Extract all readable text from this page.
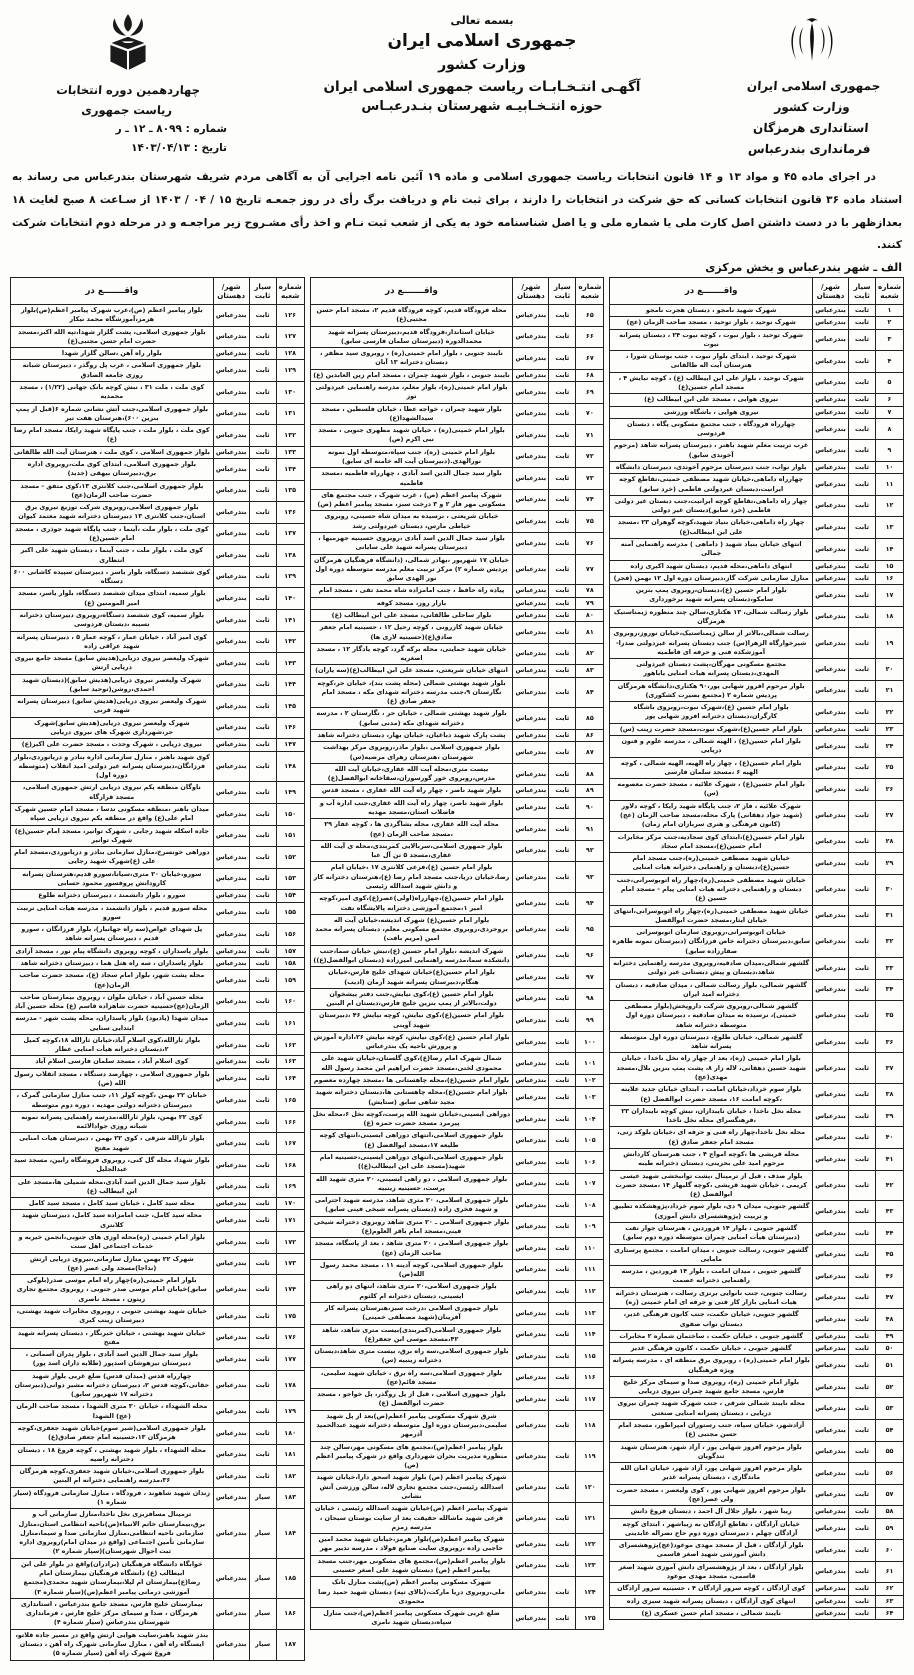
جمهوری اسلامی ایران
وزارت کشور
استانداری هرمزگان
فرمانداری بندرعباس
بسمه تعالی
جمهوری اسلامی ایران
وزارت کشور
آگهـی انتـخـابـات ریاست جمهوری اسلامی ایران
حوزه انتـخـابیـه شهرستان بنـدرعبـاس
چهاردهمین دوره انتخابات
ریاست جمهوری
شماره : ۸۰۹۹ ـ ۱۲ ـ ر
تاریخ : ۱۴۰۳/۰۴/۱۳

در اجرای ماده ۴۵ و مواد ۱۳ و ۱۴ قانون انتخابات ریاست جمهوری اسلامی و ماده ۱۹ آئین نامه اجرایی آن به آگاهی مردم شریف شهرستان بندرعباس می رساند به استناد ماده ۳۶ قانون انتخابات کسانی که حق شرکت در انتخابات را دارند ، برای ثبت نام و دریافت برگ رأی در روز جمعـه تاریخ ۱۵ / ۰۴ / ۱۴۰۳ از سـاعت ۸ صبح لغایت ۱۸ بعدازظهر با در دست داشتن اصل کارت ملی یا شماره ملی و یا اصل شناسنامه خود به یکی از شعب ثبت نـام و اخذ رأی مشـروح زیر مراجعـه و در مرحله دوم انتخابات شرکت کنند.

الف ـ شهر بندرعباس و بخش مرکزی
شماره شعبه	سیار ثابت	شهر/ دهستان	واقـــــــع در
۱	ثابت	بندرعباس	شهرک شهید نامجو ، دبستان هجرت نامجو
۲	ثابت	بندرعباس	شهرک توحید ، بلوار توحید ، مسجد صاحب الزمان (عج)
۳	ثابت	بندرعباس	شهرک توحید ، بلوار نبوت ، کوچه نبوت ۲۴ ، دبستان پسرانه نبوت
۴	ثابت	بندرعباس	شهرک توحید ، ابتدای بلوار نبوت ، جنب بوستان شورا ، هنرستان آیت اله طالقانی
۵	ثابت	بندرعباس	شهرک توحید ، بلوار علی ابن ابیطالب (ع) ، کوچه نیایش ۴ ، مسجد امام حسین(ع)
۶	ثابت	بندرعباس	نیروی هوایی ، مسجد علی ابن ابیطالب (ع)
۷	ثابت	بندرعباس	نیروی هوایی ، باشگاه ورزشی
۸	ثابت	بندرعباس	چهارراه فرودگاه ، جنب مجتمع مسکونی پگاه ، دبستان فردوسی
۹	ثابت	بندرعباس	غرب تربیت معلم شهید باهنر ، دبیرستان پسرانه شاهد (مرحوم آخوندی سابق)
۱۰	ثابت	بندرعباس	بلوار نواب، جنب دبیرستان مرحوم آخوندی، دبیرستان دانشگاه
۱۱	ثابت	بندرعباس	چهارراه داماهی،خیابان شهید مصطفی خمینی،تقاطع کوچه ایرانیت،دبستان غیردولتی فاطمی (خرد سابق)
۱۲	ثابت	بندرعباس	چهار راه داماهی،تقاطع کوچه ایرانیت،جنب دبستان غیر دولتی فاطمی (خرد سابق)دبستان غیر دولتی
۱۳	ثابت	بندرعباس	چهار راه داماهی،خیابان بنیاد شهید،کوچه گوهران ۲۳ ،مسجد علی ابن ابیطالب(ع)
۱۴	ثابت	بندرعباس	انتهای خیابان بنیاد شهید ( داماهی ) مدرسه راهنمایی آمنه جمالی
۱۵	ثابت	بندرعباس	انتهای داماهی،محله قدیم، دبستان شهید اکبری زاده
۱۶	ثابت	بندرعباس	منازل سازمانی شرکت گاز،دبیرستان دوره اول ۱۲ بهمن (فجر)
۱۷	ثابت	بندرعباس	بلوار امام حسین (ع)،دبستان،روبروی پمپ بنزین سامکو،دبستان پسرانه شهید برخورداری
۱۸	ثابت	بندرعباس	بلوار رسالت شمالی، ۱۳ هکتاری،سالن چند منظوره ژیمناستیک هرمزگان
۱۹	ثابت	بندرعباس	رسالت شمالی،بالاتر از سالن ژیمناستیک،خیابان نوروز،روبروی شیرخوارگاه الزهرا(س) جنب دبستان پسرانه غیردولتی صدرا- آموزشکده فنی و حرفه ای فاطمیه
۲۰	ثابت	بندرعباس	مجتمع مسکونی مهرگان،پشت دبستان غیردولتی المهدی،دبستان پسرانه هیات امنایی یاباهور
۲۱	ثابت	بندرعباس	بلوار مرحوم افروز شهابی پور،۹۰ هکتاری،دانشگاه هرمزگان پردیس شماره ۲ (مجتمع بصیرت کشکوری)
۲۲	ثابت	بندرعباس	بلوار امام حسین (ع)،شهرک نبوت،روبروی باشگاه کارگران،دبستان دخترانه افروز شهابی پور
۲۳	ثابت	بندرعباس	بلوار امام حسین(ع)،شهرک نبوت،مسجد حضرت زینب (س)
۲۴	ثابت	بندرعباس	بلوار امام حسین(ع) ، الهیه شمالی ، مدرسه علوم و فنون دریایی
۲۵	ثابت	بندرعباس	بلوار امام حسین(ع) ، چهار راه الهیه، الهیه شمالی ، کوچه الهیه ۶ ،مسجد سلمان فارسی
۲۶	ثابت	بندرعباس	بلوار امام حسین(ع) ، شهرک علائیه ، مسجد حضرت معصومه (س)
۲۷	ثابت	بندرعباس	شهرک علائیه ، فاز ۲، جنب پایگاه شهید رایکا ، کوچه دلاور (شهید جواد دهقانی) پارک محله،مسجد صاحب الزمان (عج)(کانون فرهنگی و هنری سربازان امام زمان)
۲۸	ثابت	بندرعباس	بلوار امام حسین(ع)،ابتدای کوی سجادیه،جنب مرکز مخابرات امام حسین(ع)،مسجد امام سجاد
۲۹	ثابت	بندرعباس	خیابان شهید مصطفی خمینی(ره)،جنب مسجد امام حسین(ع)،دبستان و راهنمایی دخترانه هیات امنایی
۳۰	ثابت	بندرعباس	خیابان شهید مصطفی خمینی(ره)،چهار راه اتوبوسرانی،جنب دبستان و راهنمایی دخترانه هیات امنایی پیام - مسجد امام حسین (ع)
۳۱	ثابت	بندرعباس	خیابان شهید مصطفی خمینی(ره)،چهار راه اتوبوسرانی،انتهای خیابان ایثار،مسجد حضرت ابوالفضل
۳۲	ثابت	بندرعباس	خیابان اتوبوسرانی،روبروی سازمان اتوبوسرانی سابق،دبیرستان دخترانه خاص فرزانگان (دبیرستان نمونه طاهره صفارزاده سابق)
۳۳	ثابت	بندرعباس	گلشهر شمالی،میدان صادقیه،روبروی مدرسه راهنمایی دخترانه شاهد،دبستان و پیش دبستانی غیر دولتی
۳۴	ثابت	بندرعباس	گلشهر شمالی، بلوار رسالت شمالی ، میدان صادقیه ، دبستان دخترانه امید ایران
۳۵	ثابت	بندرعباس	گلشهر شمالی،روبروی شرکت داروپخش(بلوار مصطفی خمینی)، نرسیده به میدان صادقیه ، دبیرستان دوره اول متوسطه دخترانه شاهد
۳۶	ثابت	بندرعباس	گلشهر شمالی، خیابان طلوع، دبیرستان دوره اول متوسطه پسرانه شاهد
۳۷	ثابت	بندرعباس	بلوار امام خمینی (ره)، بعد از چهار راه نخل ناخدا ، خیابان شهید حسین دهقانی، لاله زار ۸، پشت پمپ بنزین بلال،مسجد مهدی(عج)
۳۸	ثابت	بندرعباس	بلوار سوم خرداد،خیابان امامت ، ابتدای خیابان جدید علاینه ،کوچه امامت ۱۶، مسجد حضرت ابوالفضل (ع)
۳۹	ثابت	بندرعباس	محله نخل ناخدا ، خیابان نایبداران، نبش کوچه نایبداران ۲۳ ،فرهنگسرای محله نخل ناخدا
۴۰	ثابت	بندرعباس	محله نخل ناخدا،چهار راه فنی و حرفه ای ،خیابان بلوکد زنی، مسجد امام جعفر صادق (ع)
۴۱	ثابت	بندرعباس	محله قریشی ها ،کوچه امواج ۴ ، جنب هنرستان کاردانش مرحوم امید علی بحرینی، دبستان دخترانه طیبه
۴۲	ثابت	بندرعباس	بلوار صدف ، قبل از ترمینال ،پشت توانبخشی شهید عیسی کریمی ، خیابان شهید قریشی ،کوچه گلبهار ۱۴ ،مسجد حضرت ابوالفضل (ع)
۴۳	ثابت	بندرعباس	گلشهر جنوبی، میدان ۹ دی، بلوار سوم خرداد،پژوهشکده تطبیق و تربیت (پژوهشسرای دانش آموزی)
۴۴	ثابت	بندرعباس	گلشهر جنوبی ، بلوار ۱۴ فروردین ، هنرستان جوار نفت (دبیرستان هیأت امنایی چمران متوسطه دوره دوم سابق)
۴۵	ثابت	بندرعباس	گلشهر جنوبی، رسالت جنوبی ، میدان امامت ، مجتمع پرستاری مامایی
۴۶	ثابت	بندرعباس	گلشهر جنوبی ، میدان امامت ، بلوار ۱۴ فروردین ، مدرسه راهنمایی دخترانه عصمت
۴۷	ثابت	بندرعباس	رسالت جنوبی، جنب نانوایی برنزی رسالت ، هنرستان دخترانه هیات امنایی بازار کار فنی و حرفه ای امام خمینی (ره)
۴۸	ثابت	بندرعباس	گلشهر جنوبی، خیابان حکمت، جنب کانون فرهنگی غدیر، دبستان نواب صفوی
۴۹	ثابت	بندرعباس	گلشهر جنوبی ، خیابان حکمت ، ساختمان شماره ۲ مخابرات
۵۰	ثابت	بندرعباس	گلشهر جنوبی ، خیابان حکمت ، کانون فرهنگی غدیر
۵۱	ثابت	بندرعباس	بلوار امام خمینی(ره) ، روبروی برق منطقه ای ، مدرسه پسرانه ویژه فرهنگیان
۵۲	ثابت	بندرعباس	بلوار امام خمینی (ره)، روبروی صدا و سیمای مرکز خلیج فارس، مسجد جامع شهید چمران نیروی دریایی
۵۳	ثابت	بندرعباس	محله نایبند شمالی شرقی ، جنب شهرک شهید چمران نیروی دریایی ، دبستان پسرانه امنایی صنعتی
۵۴	ثابت	بندرعباس	آزادشهر، خیابان سپاه، جنب رستوران امپراطور، مسجد امام حسن مجتبی (ع)
۵۵	ثابت	بندرعباس	بلوار مرحوم افروز شهابی پور ، آزاد شهر، هنرستان شهید تندگویان
۵۶	ثابت	بندرعباس	بلوار مرحوم افروز شهابی پور، آزاد شهر، خیابان امان الله ماندگاری ، دبستان پسرانه غدیر
۵۷	ثابت	بندرعباس	بلوار مرحوم افروز شهابی پور ، کوی ولیعصر ، مسجد حضرت ولی عصر(عج)
۵۸	ثابت	بندرعباس	زیبا شهر ، بلوار جلال آل احمد ، دبستان فروغ دانش
۵۹	ثابت	بندرعباس	خیابان آزادگان ، تقاطع آزادگان به زیباشهر ، ابتدای کوچه آزادگان چهلم ، دبیرستان دوره دوم حاج نصراله عابدینی
۶۰	ثابت	بندرعباس	بلوار آزادگان ، قبل از مسجد مهدی موعود(عج)پژوهشسرای دانش آموزشی شهید اصغر قاسمی
۶۱	ثابت	بندرعباس	بلوار آزادگان ، بعد از پژوهشسرای دانش آموزی شهید اصغر قاسمی، مسجد مهدی موعود
۶۲	ثابت	بندرعباس	کوی آزادگان ، کوچه سرور آزادگان ۴ ، حسینیه سرور آزادگان
۶۳	ثابت	بندرعباس	انتهای کوی آزادگان ، دبستان پسرانه شهید سبزی زاده
۶۴	ثابت	بندرعباس	نایبند شمالی ، مسجد امام حسن عسکری (ع)
شماره شعبه	سیار ثابت	شهر/ دهستان	واقـــــــع در
۶۵	ثابت	بندرعباس	محله فرودگاه قدیم، کوچه فرودگاه قدیم ۲، مسجد امام حسن مجتبی(ع)
۶۶	ثابت	بندرعباس	خیابان استاندار،فرودگاه قدیم،دبیرستان پسرانه شهید محمدالدوره (دبیرستان سلمان فارسی سابق)
۶۷	ثابت	بندرعباس	نایبند جنوبی ، بلوار امام خمینی(ره) ، روبروی سید مظفر ، دبستان دخترانه ۱۳ آبان
۶۸	ثابت	بندرعباس	نایبند جنوبی ، بلوار شهید چمران ، مسجد امام زین العابدین (ع)
۶۹	ثابت	بندرعباس	بلوار امام خمینی(ره)، بلوار معلم، مدرسه راهنمایی غیردولتی نور
۷۰	ثابت	بندرعباس	بلوار شهید چمران ، خواجه عطا ، خیابان فلسطین ، مسجد سیدالشهدا(ع)
۷۱	ثابت	بندرعباس	بلوار امام خمینی(ره) ، خیابان شهید مطهری جنوبی ، مسجد نبی اکرم (ص)
۷۲	ثابت	بندرعباس	بلوار امام خمینی (ره)، جنب سپاه،متوسطه اول نمونه نورالهدی.(دبیرستان آیت اله خامنه ای سابق)
۷۳	ثابت	بندرعباس	بلوار سید جمال الدین اسد آبادی ، چهارراه فاطمیه ،مسجد فاطمیه
۷۴	ثابت	بندرعباس	شهرک پیامبر اعظم (ص) ، غرب شهرک ، جنب مجتمع های مسکونی مهر فاز ۲ و ۳ درخت سبز، مسجد پیامبر اعظم (ص)
۷۵	ثابت	بندرعباس	خیابان شریعتی ، نرسیده به میدان شاه حسینی، روبروی خیاطی مارس، دبستان غیردولتی رشد
۷۶	ثابت	بندرعباس	بلوار سید جمال الدین اسد آبادی ،روبروی حسینیه جهرمیها ، دبیرستان پسرانه شهید علی سایانی
۷۷	ثابت	بندرعباس	خیابان ۱۷ شهریور ،بهادر شمالی، (دانشگاه فرهنگیان هرمزگان پردیس شماره ۲) مرکز تربیت معلم مدرسه متوسطه دوره اول نور الهدی سابق
۷۸	ثابت	بندرعباس	پیاده راه حافظ ، جنب امامزاده شاه محمد تقی ، مسجد امام
۷۹	ثابت	بندرعباس	بازار روز، مسجد کوفه
۸۰	ثابت	بندرعباس	بلوار ساحلی طالقانی، مسجد علی ابن ابیطالب (ع)
۸۱	ثابت	بندرعباس	خیابان شهید کازرونی ، کوچه رحیل ۱۲ ، حسینیه امام جعفر صادق(ع)(حسینیه لاری ها)
۸۲	ثابت	بندرعباس	خیابان شهید حمایتی، محله برکه گرد، کوچه یادگار ۱۲ ، مسجد اصغریه
۸۳	ثابت	بندرعباس	انتهای خیابان شریعتی، مسجد علی ابن ابیطالب(ع)(سه یاران)
۸۴	ثابت	بندرعباس	بلوار شهید بهشتی شمالی (محله پشت بند)، خیابان حر،کوچه نگارستان ۹،جنب مدرسه دخترانه شهدای مکه ، مسجد امام جعفر صادق (ع)
۸۵	ثابت	بندرعباس	بلوار شهید بهشتی شمالی ، خیابان حر ، نگارستان ۲ ، مدرسه دخترانه شهدای مکه (مدنی سابق)
۸۶	ثابت	بندرعباس	پشت پارک شهید دباغیان، خیابان بهار، دبستان دخترانه شاهد
۸۷	ثابت	بندرعباس	بلوار جمهوری اسلامی ،بلوار مادر،روبروی مرکز بهداشت شهرستان ،هنرستان زهرای مرضیه(س)
۸۸	ثابت	بندرعباس	بیست متری،محله آیت الله غفاری،خیابان آیت الله مدرس،روبروی خور گورسوزان،سقاخانه ابوالفضل(ع)
۸۹	ثابت	بندرعباس	بلوار شهید ناصر ، چهار راه آیت الله غفاری ، مسجد قدس
۹۰	ثابت	بندرعباس	بلوار شهید ناصر، چهار راه آیت الله غفاری،جنب اداره آب و فاضلاب استان،مسجد مهدیه
۹۱	ثابت	بندرعباس	محله آیت الله غفاری، محله بشاگردی ها ، کوچه غفار ۲۹ ،مسجد صاحب الزمان (عج)
۹۲	ثابت	بندرعباس	بلوار جمهوری اسلامی،سربالایی کمربندی،محله ی آیت الله غفاری،مسجد ۵ تن آل عبا
۹۳	ثابت	بندرعباس	بلوار امام حسین (ع)،فرعی کلانتری ۱۷ ،خیابان امام رضا،خیابان دریا،جنب مسجد امام رضا (ع)،هنرستان دخترانه کار و دانش شهید اسدالله رئیسی
۹۴	ثابت	بندرعباس	بلوار امام حسین(ع)،چهارراه(اولی)عصر(ع)،کوی امیر،کوچه امیر ۱،مجتمع آموزشی دخترانه پالایشگاه نفت
۹۵	ثابت	بندرعباس	بلوار امام حسین(ع) شهرک اندیشه،خیابان آیت اله بروجردی،روبروی مجتمع مسکونی معلم، دبستان پسرانه محمد امین (مریم بافت)
۹۶	ثابت	بندرعباس	شهرک اندیشه ،بلوار امام حسین (ع)،نبش خیابان سما،جنب دانشکده سما،مدرسه راهنمایی امیرزاده (دبستان ابوالفضل(ع))
۹۷	ثابت	بندرعباس	بلوار امام حسین(ع)خیابان شهدای خلیج فارس،خیابان هنگام،دبیرستان پسرانه شهید آرمان (ادیب)
۹۸	ثابت	بندرعباس	بلوار امام حسین (ع)،کوی نیایش،جنب دفتر پیشخوان دولت،بالاتر از پمپ بنزین خلیج فارس،دبستان ام البنین
۹۹	ثابت	بندرعباس	بلوار امام حسین(ع)،کوی نیایش، کوچه نیایش ۴۶ ،دبیرستان شهید آوینی
۱۰۰	ثابت	بندرعباس	بلوار امام حسین (ع)،کوی نیایش، کوچه نیایش ۲۶،اداره آموزش و پرورش ناحیه یک بندرعباس
۱۰۱	ثابت	بندرعباس	شمال شهرک امام رضا(ع)،کوی گلستان،خیابان شهید علی محمودی لختی،مسجد حضرت ابراهیم ابن محمد رسول الله
۱۰۲	ثابت	بندرعباس	بلوار امام حسین(ع)،محله چاهستانی ها ،مسجد چهارده معصوم
۱۰۳	ثابت	بندرعباس	بلوار امام حسین(ع)،محله چاهستانی ها،دبستان دخترانه شهید مجید شاهی سابق (ستایش)
۱۰۴	ثابت	بندرعباس	دوراهی ایسینی،خیابان شهید الله پرست،کوچه نخل ۶،محله نخل پیرمرد مسجد حضرت حمزه (ع)
۱۰۵	ثابت	بندرعباس	بلوار جمهوری اسلامی،انتهای دوراهی ایسینی،انتهای کوچه طلیعه ۱۷،مسجد ابوالفضل (ع)
۱۰۶	ثابت	بندرعباس	بلوار جمهوری اسلامی،انتهای دوراهی ایسینی،حسینیه امام شهید(مسجد علی ابن ابیطالب(ع))
۱۰۷	ثابت	بندرعباس	بلوار جمهوری اسلامی ، دو راهی ایسینی، ۲۰ متری شهید الله پرست، حسینیه زینبیه
۱۰۸	ثابت	بندرعباس	بلوار جمهوری اسلامی، ۲۰ متری شاهد، مدرسه شهید احترامی و شهید فخری زاده (دبستان پسرانه شیخی فینی سابق)
۱۰۹	ثابت	بندرعباس	بلوار جمهوری اسلامی ـ ۲۰ متری شاهد روبروی دخترانه شیخی فینی،مسجد امام باقر العلوم(ع)
۱۱۰	ثابت	بندرعباس	بلوار جمهوری اسلامی ، ۲۰ متری شاهد ، بعد از پاسگاه، مسجد صاحب الزمان (عج)
۱۱۱	ثابت	بندرعباس	بلوار جمهوری اسلامی، کوچه آدینه ۱۱ ، مسجد محمد رسول الله(ص)
۱۱۲	ثابت	بندرعباس	بلوار جمهوری اسلامی،۲۰ متری شاهد، انتهای دو راهی ایسینی، دبستان دخترانه ام کلثوم
۱۱۳	ثابت	بندرعباس	بلوار جمهوری اسلامی ،درخت سبز،هنرستان پسرانه کار آفرینان(شهید مصطفی خمینی)
۱۱۴	ثابت	بندرعباس	بلوار جمهوری اسلامی(کمربندی)بیست متری شاهد، شاهد ۴۲،مسجد موسی ابن جعفر(ع)
۱۱۵	ثابت	بندرعباس	بلوار جمهوری اسلامی،سه راه برق، بیست متری شاهد،دبستان دخترانه زینبیه (س)
۱۱۶	ثابت	بندرعباس	بلوار جمهوری اسلامی،سه راه برق ، خیابان شهید سلیمی، مسجد قائم(عج)
۱۱۷	ثابت	بندرعباس	بلوار جمهوری اسلامی ، قبل از پل روگذر، پل خواجو ، مسجد حضرت ابوالفضل (ع)
۱۱۸	ثابت	بندرعباس	شرق شهرک مسکونی پیامبر اعظم(ص)بعد از پل شهید سلیمی،دبیرستان دوره اول متوسطه دخترانه شهید عبدالحمید آذرمهر
۱۱۹	ثابت	بندرعباس	بلوار پیامبر اعظم(ص)،مجتمع های مسکونی مهر،سالن چند منظوره مدیریت بحران شهرداری واقع در شهرک پیامبر اعظم (ص)
۱۲۰	ثابت	بندرعباس	شهرک پیامبر اعظم (ص) بلوار شهید اسحق دارا،خیابان شهید اسدالله رئیسی،جنب مجتمع تجاری لاله، سالن ورزشی آتش نشانی
۱۲۱	ثابت	بندرعباس	شهرک پیامبر اعظم (ص)خیابان شهید اسدالله رئیسی ، خیابان فرعی شهید ماشالله حقیقت بعد از سایت بوستان سبحان ، مدرسه زمزم
۱۲۲	ثابت	بندرعباس	شهرک پیامبر اعظم(ص)بلوار هرمز،خیابان شهید محمد امین حاجبی زاده ،روبروی سایت صنایع فولاد ، مدرسه تدبیر مهر
۱۲۳	ثابت	بندرعباس	بلوار پیامبر اعظم(ص)،مجتمع های مسکونی مهر،جنب مسجد پیامبر اعظم (ص) دبستان شهید علی اصغر حسینی
۱۲۴	ثابت	بندرعباس	شهرک مسکونی پیامبر اعظم (ص)پشت منازل بانک ملی،روبروی دریا مارکت،(بالای تپه) دبستان شهید حمید رضا محمودی
۱۲۵	ثابت	بندرعباس	ضلع غربی شهرک مسکونی پیامبر اعظم(ص)،جنب منازل سپاه،دبستان شهید نامری
شماره شعبه	سیار ثابت	شهر/ دهستان	واقـــــــع در
۱۲۶	ثابت	بندرعباس	بلوار پیامبر اعظم (ص)،غرب شهرک پیامبر اعظم(ص)بلوار هرمز،آموزشگاه محمد نیکار
۱۲۷	ثابت	بندرعباس	بلوار جمهوری اسلامی، پشت گلزار شهدا،تپه الله اکبر،مسجد حضرت امام حسن مجتبی(ع)
۱۲۸	ثابت	بندرعباس	بلوار راه آهن ،سالن گلزار شهدا
۱۲۹	ثابت	بندرعباس	بلوار جمهوری اسلامی ، غرب پل روگذر ، دبیرستان شبانه روزی جامعه الصادق
۱۳۰	ثابت	بندرعباس	کوی ملت ، ملت ۳۱ ، نبش کوچه بانک جهانی (۱/۲۲) ، مسجد محمدیه
۱۳۱	ثابت	بندرعباس	بلوار جمهوری اسلامی،جنب آتش نشانی شماره ۶(قبل از پمپ بنزین ۶۰۰)،هنرستان هفت تیر
۱۳۲	ثابت	بندرعباس	کوی ملت ، بلوار ملت ، جنب پایگاه شهید رایکا، مسجد امام رضا (ع)
۱۳۳	ثابت	بندرعباس	بلوار جمهوری اسلامی ، کوی ملت ، هنرستان آیت الله طالقانی
۱۳۴	ثابت	بندرعباس	بلوار جمهوری اسلامی، ابتدای کوی ملت،روبروی اداره برق،دبیرستان بیهقی (جدید)
۱۳۵	ثابت	بندرعباس	بلوار جمهوری اسلامی،جنب کلانتری ۱۳،کوی متفق - مسجد حضرت صاحب الزمان(عج)
۱۳۶	ثابت	بندرعباس	بلوار جمهوری اسلامی،روبروی شرکت توزیع نیروی برق استان،جنب کلانتری ۱۳ دبیرستان دخترانه شهید معتمد کیوان
۱۳۷	ثابت	بندرعباس	کوی ملت ، بلوار ملت ،آینما ، جنب پایگاه شهید جوذری ، مسجد امام حسین(ع)
۱۳۸	ثابت	بندرعباس	کوی ملت ، بلوار ملت ، جنب آینما ، دبستان شهید علی اکبر انتظاری
۱۳۹	ثابت	بندرعباس	کوی ششصد دستگاه، بلوار یاسر ، دبیرستان سپیده کاشانی ۶۰۰ دستگاه
۱۴۰	ثابت	بندرعباس	بلوار سمیه، ابتدای میدان ششصد دستگاه، بلوار یاسر، مسجد امیر المومنین (ع)
۱۴۱	ثابت	بندرعباس	بلوار سمیه، کوی ششصد دستگاه،روبروی دبیرستان دخترانه نسیبه ،دبستان فردوسی
۱۴۲	ثابت	بندرعباس	کوی امیر آباد ، خیابان عمار ، کوچه عمار ۵ ، دبیرستان پسرانه شهید عراقی زاده
۱۴۳	ثابت	بندرعباس	شهرک ولیعصر نیروی دریایی(هدیش سابق) مسجد جامع نیروی دریایی ارتش
۱۴۴	ثابت	بندرعباس	شهرک ولیعصر نیروی دریایی(هدیش سابق)(دبستان شهید احمدی،روشن(توحید سابق)
۱۴۵	ثابت	بندرعباس	شهرک ولیعصر نیروی دریایی(هدیش سابق) دبیرستان پسرانه شهید قرنی
۱۴۶	ثابت	بندرعباس	شهرک ولیعصر نیروی دریایی(هدیش سابق)شهرک حر،شهرداری شهرک های نیروی دریایی
۱۴۷	ثابت	بندرعباس	نیروی دریایی ، شهرک وحدت ، مسجد حضرت علی اکبر(ع)
۱۴۸	ثابت	بندرعباس	کوی شهید باهنر ، منازل سازمانی اداره بنادر و دریانوردی،بلوار فرزانگان،دبیرستان پسرانه غیر دولتی امید انقلاب (متوسطه دوره اول)
۱۴۹	ثابت	بندرعباس	ناوگان منطقه یکم نیروی دریایی ارتش جمهوری اسلامی، مسجد قرارگاه
۱۵۰	ثابت	بندرعباس	میدان باهنر ،منطقه مسکونی ندسا ، مسجد امام حسین شهرک امام علی(ع) واقع در منطقه یکم نیروی دریایی سپاه
۱۵۱	ثابت	بندرعباس	جاده اسکله شهید رجایی ، شهرک توانیر، مسجد امام حسین(ع) شهرک توانیر
۱۵۲	ثابت	بندرعباس	دوراهی خونسرخ،منازل سازمانی بنادر و دریانوردی،مسجد امام علی (ع)شهرک شهید رجایی
۱۵۳	ثابت	بندرعباس	سورو،خیابان ۲۰ متری،سیانا،سورو قدیم،هنرستان پسرانه کارودانش پروفسور محمود حسابی
۱۵۴	ثابت	بندرعباس	سورو ، بلوار دانشمند ، دبیرستان دخترانه طلوع
۱۵۵	ثابت	بندرعباس	محله سورو قدیم ، بلوار دانشمند ، مدرسه هیات امنایی تربیت سورو
۱۵۶	ثابت	بندرعباس	پل شهدای غواص(سه راه جهانبار)، بلوار فرزانگان ، سورو قدیم ، دبیرستان پسرانه شاهد
۱۵۷	ثابت	بندرعباس	بلوار پاسداران ، کوچه روبروی دانشگاه پیام نور ، مسجد آزادی
۱۵۸	ثابت	بندرعباس	بلوار پاسداران ، سه راه هتل هما ، دبیرستان دخترانه شاهد
۱۵۹	ثابت	بندرعباس	محله پشت شهر، بلوار امام سجاد (ع)، مسجد حضرت صاحب الزمان(عج)
۱۶۰	ثابت	بندرعباس	محله حسین آباد ، خیابان ملوان ، روبروی بیمارستان صاحب الزمان(عج)حسینیه حضرت شاهزاده قاسم (ع) محله حسین آباد
۱۶۱	ثابت	بندرعباس	میدان شهدا (یادبود) بلوار پاسداران، محله پشت شهر - مدرسه ابتدایی سنایی
۱۶۲	ثابت	بندرعباس	بلوار ثارالله،کوی اسلام آباد،خیابان ثارالله ۱۸،کوچه کمیل ۲،دبستان دخترانه هیأت امنایی عطار
۱۶۳	ثابت	بندرعباس	کوی اسلام آباد ، مسجد سلمان فارسی اسلام آباد
۱۶۴	ثابت	بندرعباس	بلوار جمهوری اسلامی ، چهارصد دستگاه ، مسجد انقلاب رسول الله (ص)
۱۶۵	ثابت	بندرعباس	خیابان ۲۲ بهمن ،کوچه کولر ۱۱، جنب منازل سازمانی گمرک ، دبیرستان دخترانه دولتی مهدیه ، دوره دوم متوسطه
۱۶۶	ثابت	بندرعباس	کوی ۲۲ بهمن، بلوار ثارالله،مدرسه راهنمایی پسرانه نمونه شبانه روزی جوادالائمه
۱۶۷	ثابت	بندرعباس	بلوار ثارالله شرقی ، کوی ۲۲ بهمن ، دبیرستان هیات امنایی شهید مفتح
۱۶۸	ثابت	بندرعباس	بلوار شهدا، محله گل کنی، روبروی فروشگاه رابین، مسجد سید عبدالجلیل
۱۶۹	ثابت	بندرعباس	بلوار سید جمال الدین اسد آبادی،محله شمیلی ها،مسجد علی ابن ابیطالب (ع)
۱۷۰	ثابت	بندرعباس	محله سید کامل ، خیابان سید کامل ، مسجد سید کامل
۱۷۱	ثابت	بندرعباس	محله سید کامل، جنب امامزاده سید کامل، دبیرستان شهید کلانتری
۱۷۲	ثابت	بندرعباس	بلوار امام خمینی (ره)محله اوزی های جنوبی،انجمن خیریه و خدمات اجتماعی اهل سنت
۱۷۳	ثابت	بندرعباس	شهرک ۲۲ بهمن منازل سازمانی،نیروی دریایی ارتش (نداجا)مسجد ولی عصر (عج)
۱۷۴	ثابت	بندرعباس	بلوار امام خمینی(ره)چهار راه امام موسی صدر(بلوکی سابق)خیابان امام موسی صدر جنوبی ، روبروی مجتمع تجاری زیتون ، مسجد ناصری
۱۷۵	ثابت	بندرعباس	خیابان شهید بهشتی جنوبی ، روبروی مخابرات شهید بهشتی، دبیرستان زینب کبری
۱۷۶	ثابت	بندرعباس	خیابان شهید بهشتی ، خیابان خبرنگار ، دبستان پسرانه شهید مفتح
۱۷۷	ثابت	بندرعباس	بلوار سید جمال الدین اسد آبادی ، بلوار پدران آسمانی ، دبیرستان تیزهوشان اسدپور (طلایه داران اسد پور)
۱۷۸	ثابت	بندرعباس	چهارراه قدس (میدان قدس) ضلع غربی بلوار شهید حقانی،کوچه قدس ۲، دبیرستان دخترانه مشیر دوانی(دبیرستان دخترانه ۱۷ شهریور سابق)
۱۷۹	ثابت	بندرعباس	محله الشهداء ، خیابان ۳۰ متری الشهدا ، مسجد صاحب الزمان (عج) الشهدا
۱۸۰	ثابت	بندرعباس	بلوار جمهوری اسلامی(شیر سوم)خیابان شهید جعفری،کوچه هرمزگان ۱۳،حسینیه امام جعفر صادق(ع)
۱۸۱	ثابت	بندرعباس	محله الشهداء ، بلوار شهید بهشتی ، کوچه فروغ ۱۸ ، دبستان دخترانه راضیه
۱۸۲	ثابت	بندرعباس	بلوار جمهوری اسلامی،خیابان شهید جعفری،کوچه هرمزگان ۳۶،مدرسه راهنمایی دخترانه ام البنین
۱۸۳	سیار	بندرعباس	زندان شهید شاهوند ، فرودگاه ، منازل سازمانی فرودگاه (سیار شماره ۱)
۱۸۴	سیار	بندرعباس	ترمینال مسافربری نخل ناخدا،منازل سازمانی آب و برق،بیمارستان خاتم الانبیاء(ص)ناحیه انتظامی استان،منازل سازمانی ناحیه انتظامی،منازل سازمانی صدا و سیما،منازل سازمانی تأمین اجتماعی (واقع در میدان امام)روبروی اداره ثبت احوال شهرستان)(سیار شماره ۲)
۱۸۵	سیار	بندرعباس	خوابگاه دانشگاه فرهنگیان (برادران)واقع در بلوار علی ابن ابیطالب (ع) دانشگاه فرهنگیان بیمارستان امام رضا(ع)بیمارستان ام لیلا،بیمارستان شهید محمدی(مجتمع آموزشی درمانی پیامبر اعظم(ص)(سیار شماره ۳)
۱۸۶	سیار	بندرعباس	بیمارستان خلیج فارس، مسجد جامع بندرعباس ، استانداری هرمزگان ، صدا و سیمای مرکز خلیج فارس ، فرمانداری شهرستان بندرعباس (سیار شماره ۴)
۱۸۷	سیار	بندرعباس	بندر شهید باهنر،سایت هوایی ارتش واقع در مسیر جاده قلاتو، ایستگاه راه آهن ، منازل سازمانی شهرک راه آهن ، دبستان فروغ شهرک راه آهن (سیار شماره ۵)
